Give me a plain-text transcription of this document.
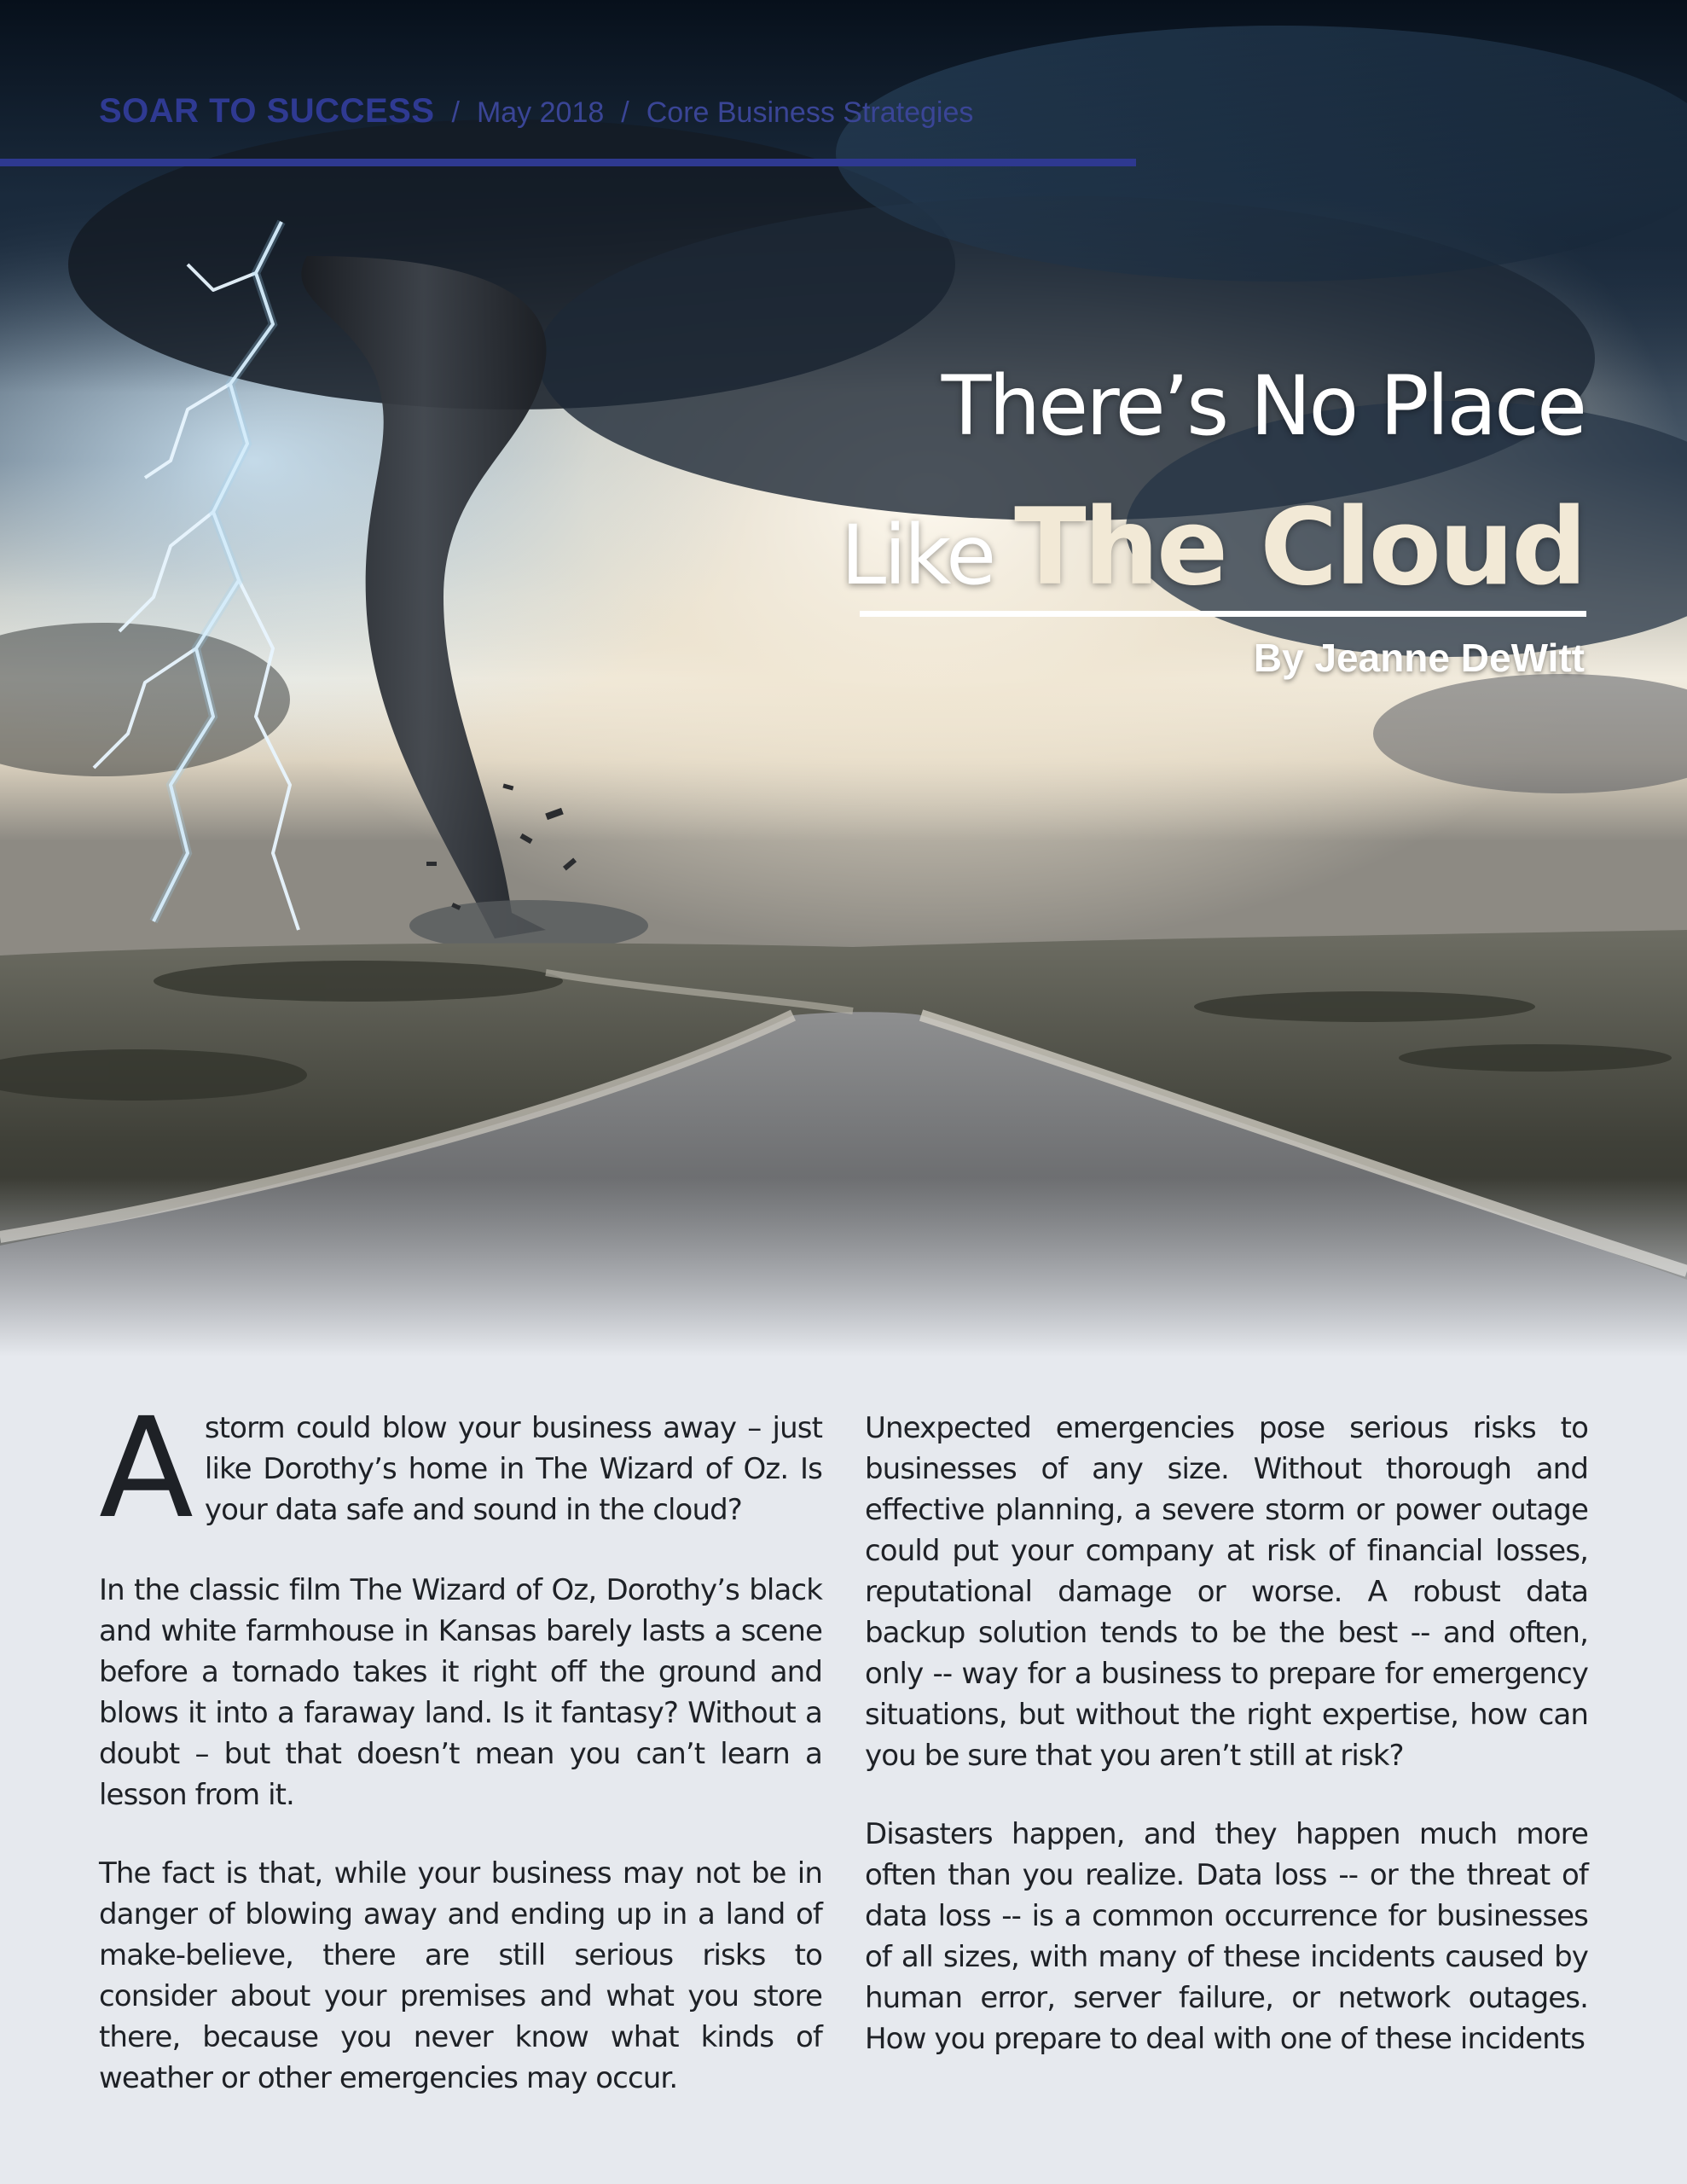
SOAR TO SUCCESS / May 2018 / Core Business Strategies
There’s No Place
Like The Cloud
By Jeanne DeWitt

Astorm could blow your business away – just like Dorothy’s home in The Wizard of Oz. Is your data safe and sound in the cloud?

In the classic film The Wizard of Oz, Dorothy’s black and white farmhouse in Kansas barely lasts a scene before a tornado takes it right off the ground and blows it into a faraway land. Is it fantasy? Without a doubt – but that doesn’t mean you can’t learn a lesson from it.

The fact is that, while your business may not be in danger of blowing away and ending up in a land of make-believe, there are still serious risks to consider about your premises and what you store there, because you never know what kinds of weather or other emergencies may occur.

Unexpected emergencies pose serious risks to businesses of any size. Without thorough and effective planning, a severe storm or power outage could put your company at risk of financial losses, reputational damage or worse. A robust data backup solution tends to be the best -- and often, only -- way for a business to prepare for emergency situations, but without the right expertise, how can you be sure that you aren’t still at risk?

Disasters happen, and they happen much more often than you realize. Data loss -- or the threat of data loss -- is a common occurrence for businesses of all sizes, with many of these incidents caused by human error, server failure, or network outages. How you prepare to deal with one of these incidents
